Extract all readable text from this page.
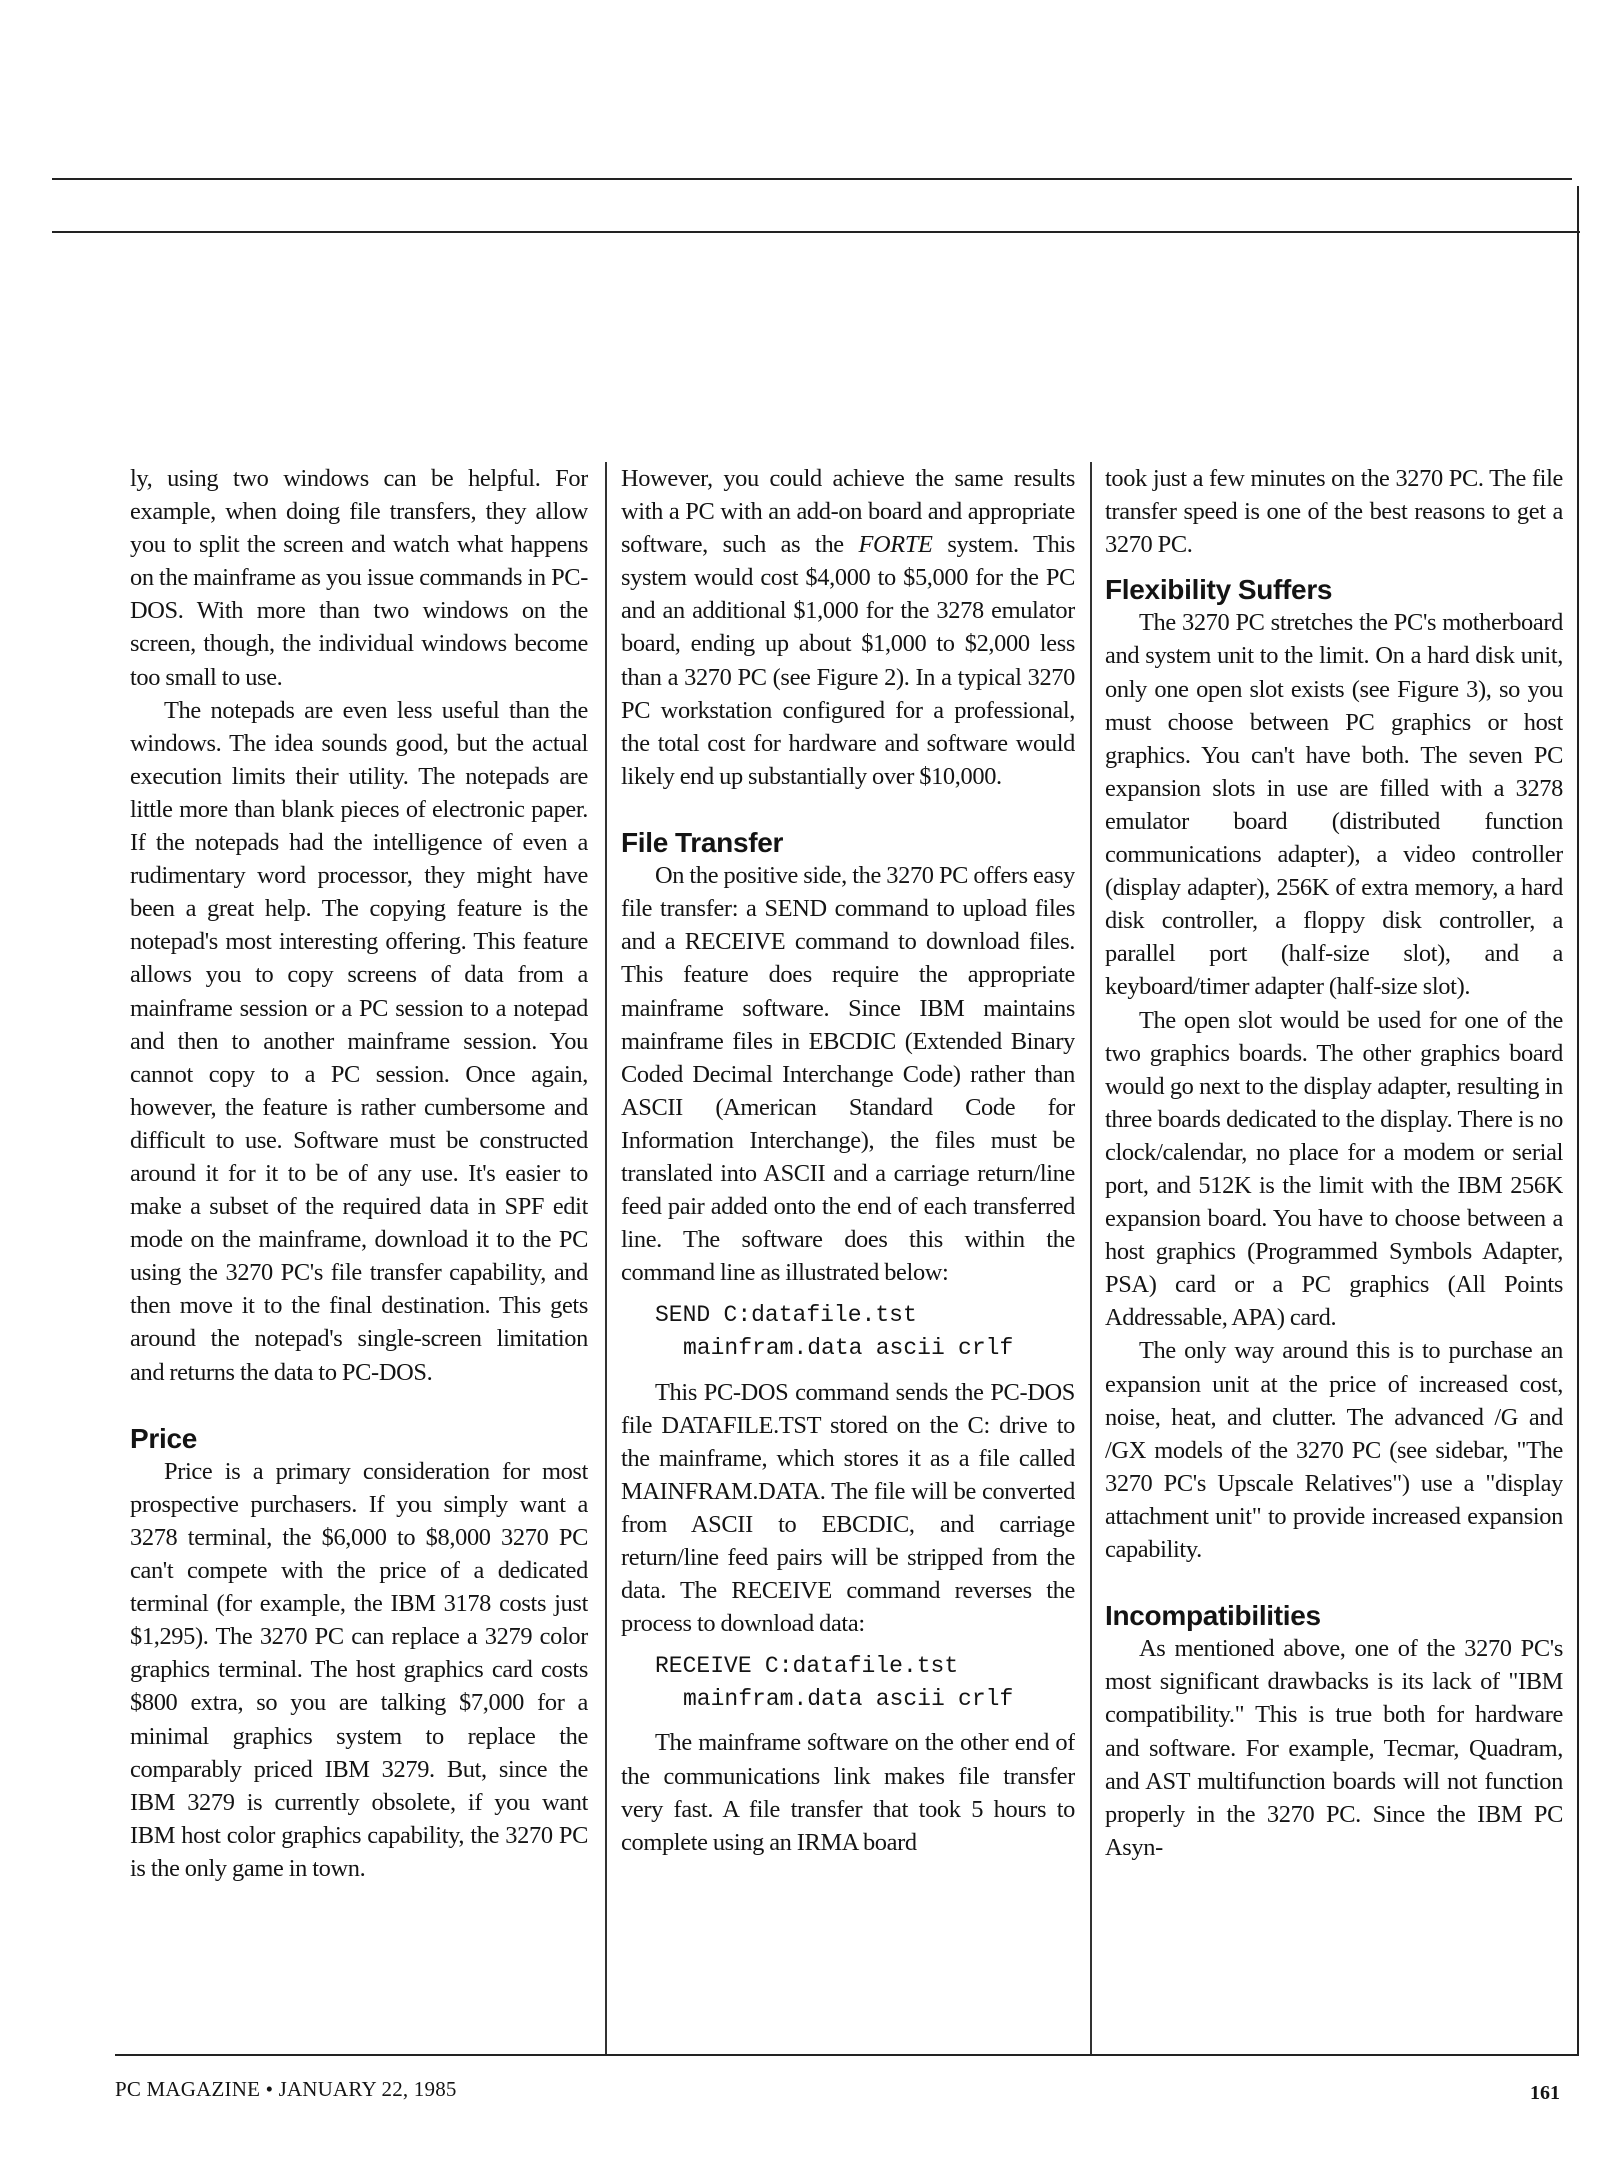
ly, using two windows can be helpful. For example, when doing file transfers, they allow you to split the screen and watch what happens on the mainframe as you issue commands in PC-DOS. With more than two windows on the screen, though, the individual windows become too small to use.

The notepads are even less useful than the windows. The idea sounds good, but the actual execution limits their utility. The notepads are little more than blank pieces of electronic paper. If the notepads had the intelligence of even a rudimentary word processor, they might have been a great help. The copying feature is the notepad's most interesting offering. This feature allows you to copy screens of data from a mainframe session or a PC session to a notepad and then to another mainframe session. You cannot copy to a PC session. Once again, however, the feature is rather cumbersome and difficult to use. Software must be constructed around it for it to be of any use. It's easier to make a subset of the required data in SPF edit mode on the mainframe, download it to the PC using the 3270 PC's file transfer capability, and then move it to the final destination. This gets around the notepad's single-screen limitation and returns the data to PC-DOS.

Price

Price is a primary consideration for most prospective purchasers. If you simply want a 3278 terminal, the $6,000 to $8,000 3270 PC can't compete with the price of a dedicated terminal (for example, the IBM 3178 costs just $1,295). The 3270 PC can replace a 3279 color graphics terminal. The host graphics card costs $800 extra, so you are talking $7,000 for a minimal graphics system to replace the comparably priced IBM 3279. But, since the IBM 3279 is currently obsolete, if you want IBM host color graphics capability, the 3270 PC is the only game in town.

However, you could achieve the same results with a PC with an add-on board and appropriate software, such as the FORTE system. This system would cost $4,000 to $5,000 for the PC and an additional $1,000 for the 3278 emulator board, ending up about $1,000 to $2,000 less than a 3270 PC (see Figure 2). In a typical 3270 PC workstation configured for a professional, the total cost for hardware and software would likely end up substantially over $10,000.

File Transfer

On the positive side, the 3270 PC offers easy file transfer: a SEND command to upload files and a RECEIVE command to download files. This feature does require the appropriate mainframe software. Since IBM maintains mainframe files in EBCDIC (Extended Binary Coded Decimal Interchange Code) rather than ASCII (American Standard Code for Information Interchange), the files must be translated into ASCII and a carriage return/line feed pair added onto the end of each transferred line. The software does this within the command line as illustrated below:

SEND C:datafile.tst
mainfram.data ascii crlf

This PC-DOS command sends the PC-DOS file DATAFILE.TST stored on the C: drive to the mainframe, which stores it as a file called MAINFRAM.DATA. The file will be converted from ASCII to EBCDIC, and carriage return/line feed pairs will be stripped from the data. The RECEIVE command reverses the process to download data:

RECEIVE C:datafile.tst
mainfram.data ascii crlf

The mainframe software on the other end of the communications link makes file transfer very fast. A file transfer that took 5 hours to complete using an IRMA board

took just a few minutes on the 3270 PC. The file transfer speed is one of the best reasons to get a 3270 PC.

Flexibility Suffers

The 3270 PC stretches the PC's motherboard and system unit to the limit. On a hard disk unit, only one open slot exists (see Figure 3), so you must choose between PC graphics or host graphics. You can't have both. The seven PC expansion slots in use are filled with a 3278 emulator board (distributed function communications adapter), a video controller (display adapter), 256K of extra memory, a hard disk controller, a floppy disk controller, a parallel port (half-size slot), and a keyboard/timer adapter (half-size slot).

The open slot would be used for one of the two graphics boards. The other graphics board would go next to the display adapter, resulting in three boards dedicated to the display. There is no clock/calendar, no place for a modem or serial port, and 512K is the limit with the IBM 256K expansion board. You have to choose between a host graphics (Programmed Symbols Adapter, PSA) card or a PC graphics (All Points Addressable, APA) card.

The only way around this is to purchase an expansion unit at the price of increased cost, noise, heat, and clutter. The advanced /G and /GX models of the 3270 PC (see sidebar, "The 3270 PC's Upscale Relatives") use a "display attachment unit" to provide increased expansion capability.

Incompatibilities

As mentioned above, one of the 3270 PC's most significant drawbacks is its lack of "IBM compatibility." This is true both for hardware and software. For example, Tecmar, Quadram, and AST multifunction boards will not function properly in the 3270 PC. Since the IBM PC Asyn-

PC MAGAZINE • JANUARY 22, 1985	161
